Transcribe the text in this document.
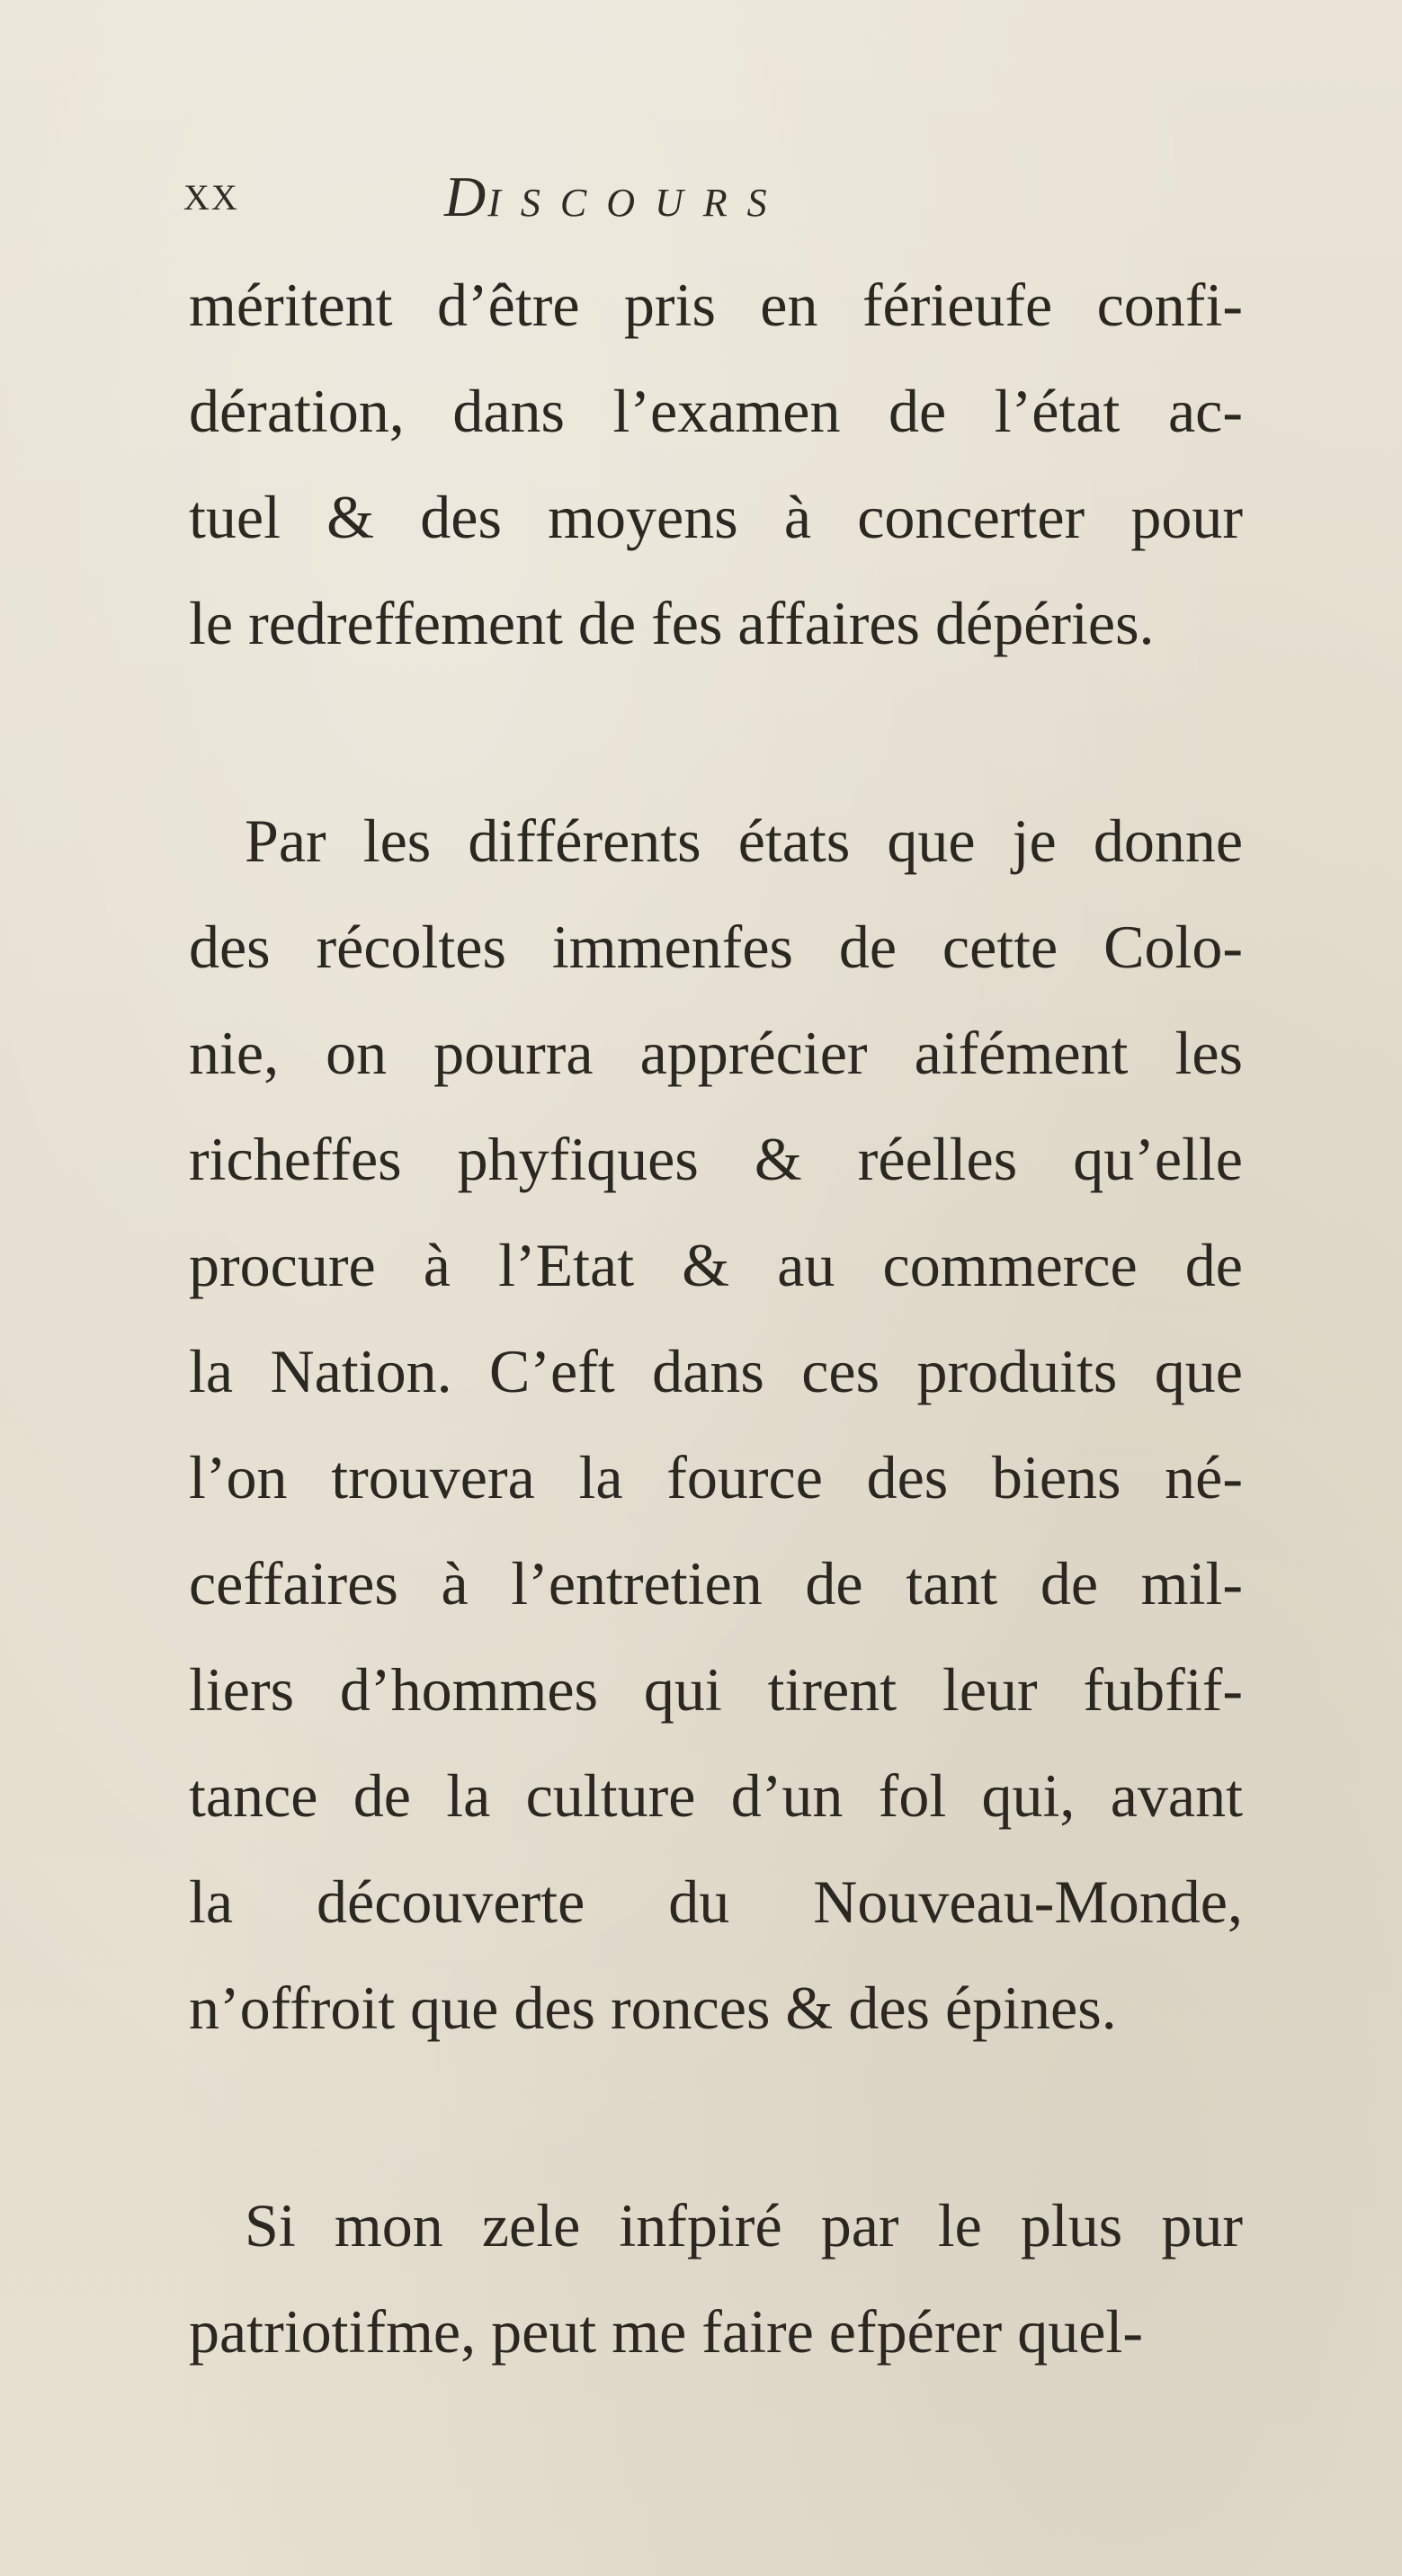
XX	DISCOURS
méritent d’être pris en férieufe confi-
dération, dans l’examen de l’état ac-
tuel & des moyens à concerter pour
le redreffement de fes affaires dépéries.
Par les différents états que je donne
des récoltes immenfes de cette Colo-
nie, on pourra apprécier aifément les
richeffes phyfiques & réelles qu’elle
procure à l’Etat & au commerce de
la Nation. C’eft dans ces produits que
l’on trouvera la fource des biens né-
ceffaires à l’entretien de tant de mil-
liers d’hommes qui tirent leur fubfif-
tance de la culture d’un fol qui, avant
la découverte du Nouveau-Monde,
n’offroit que des ronces & des épines.
Si mon zele infpiré par le plus pur
patriotifme, peut me faire efpérer quel-
